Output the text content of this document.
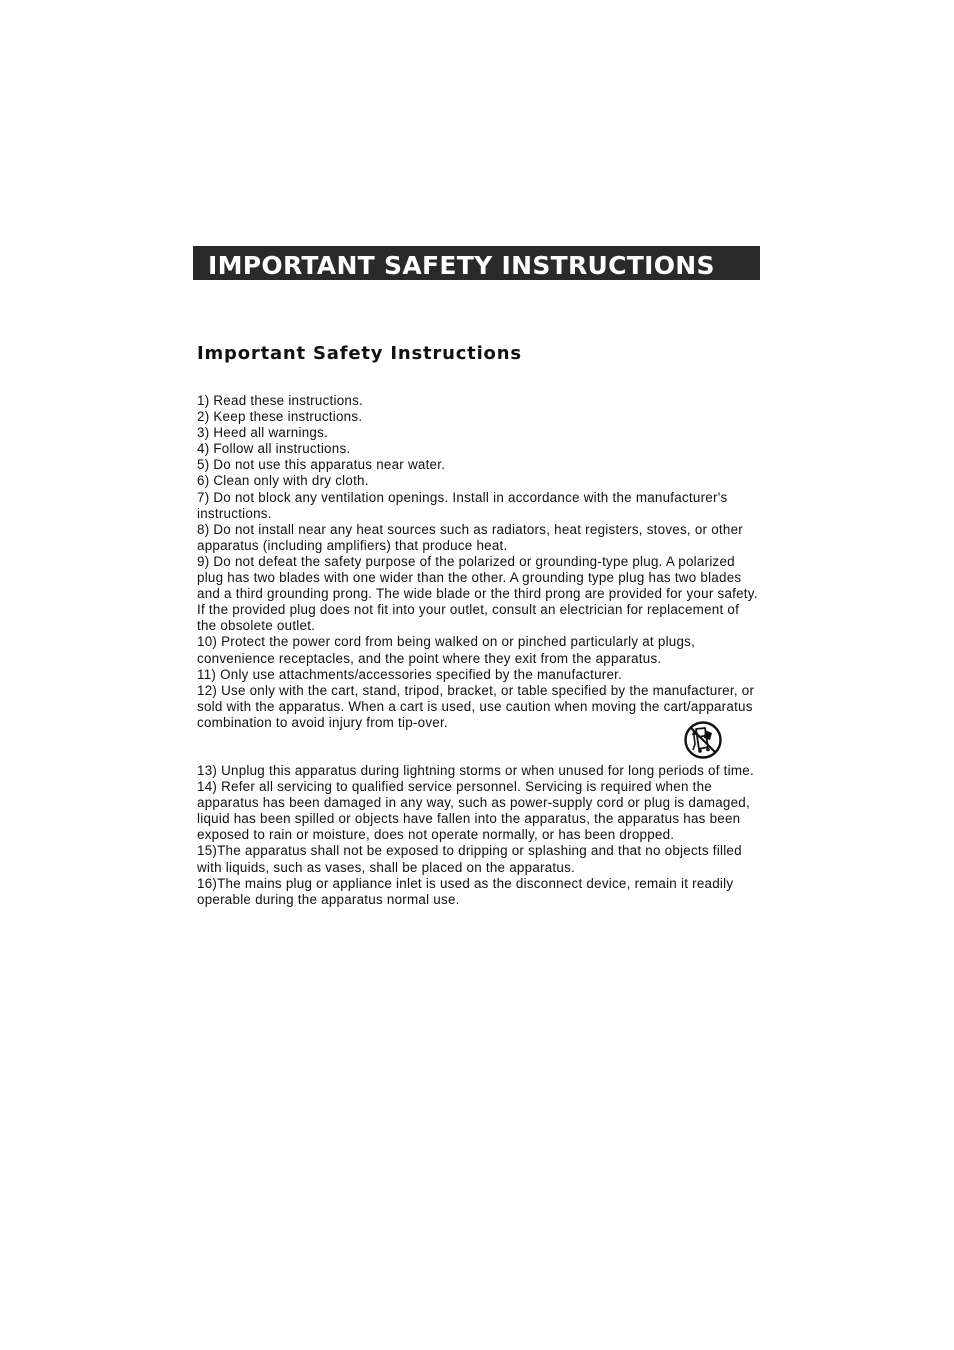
IMPORTANT SAFETY INSTRUCTIONS
Important Safety Instructions

1) Read these instructions.

2) Keep these instructions.

3) Heed all warnings.

4) Follow all instructions.

5) Do not use this apparatus near water.

6) Clean only with dry cloth.

7) Do not block any ventilation openings. Install in accordance with the manufacturer's instructions.

8) Do not install near any heat sources such as radiators, heat registers, stoves, or other apparatus (including amplifiers) that produce heat.

9) Do not defeat the safety purpose of the polarized or grounding-type plug. A polarized plug has two blades with one wider than the other. A grounding type plug has two blades and a third grounding prong. The wide blade or the third prong are provided for your safety. If the provided plug does not fit into your outlet, consult an electrician for replacement of the obsolete outlet.

10) Protect the power cord from being walked on or pinched particularly at plugs, convenience receptacles, and the point where they exit from the apparatus.

11) Only use attachments/accessories specified by the manufacturer.

12) Use only with the cart, stand, tripod, bracket, or table specified by the manufacturer, or sold with the apparatus. When a cart is used, use caution when moving the cart/apparatus combination to avoid injury from tip-over.

13) Unplug this apparatus during lightning storms or when unused for long periods of time.

14) Refer all servicing to qualified service personnel. Servicing is required when the apparatus has been damaged in any way, such as power-supply cord or plug is damaged, liquid has been spilled or objects have fallen into the apparatus, the apparatus has been exposed to rain or moisture, does not operate normally, or has been dropped.

15)The apparatus shall not be exposed to dripping or splashing and that no objects filled with liquids, such as vases, shall be placed on the apparatus.

16)The mains plug or appliance inlet is used as the disconnect device, remain it readily operable during the apparatus normal use.
